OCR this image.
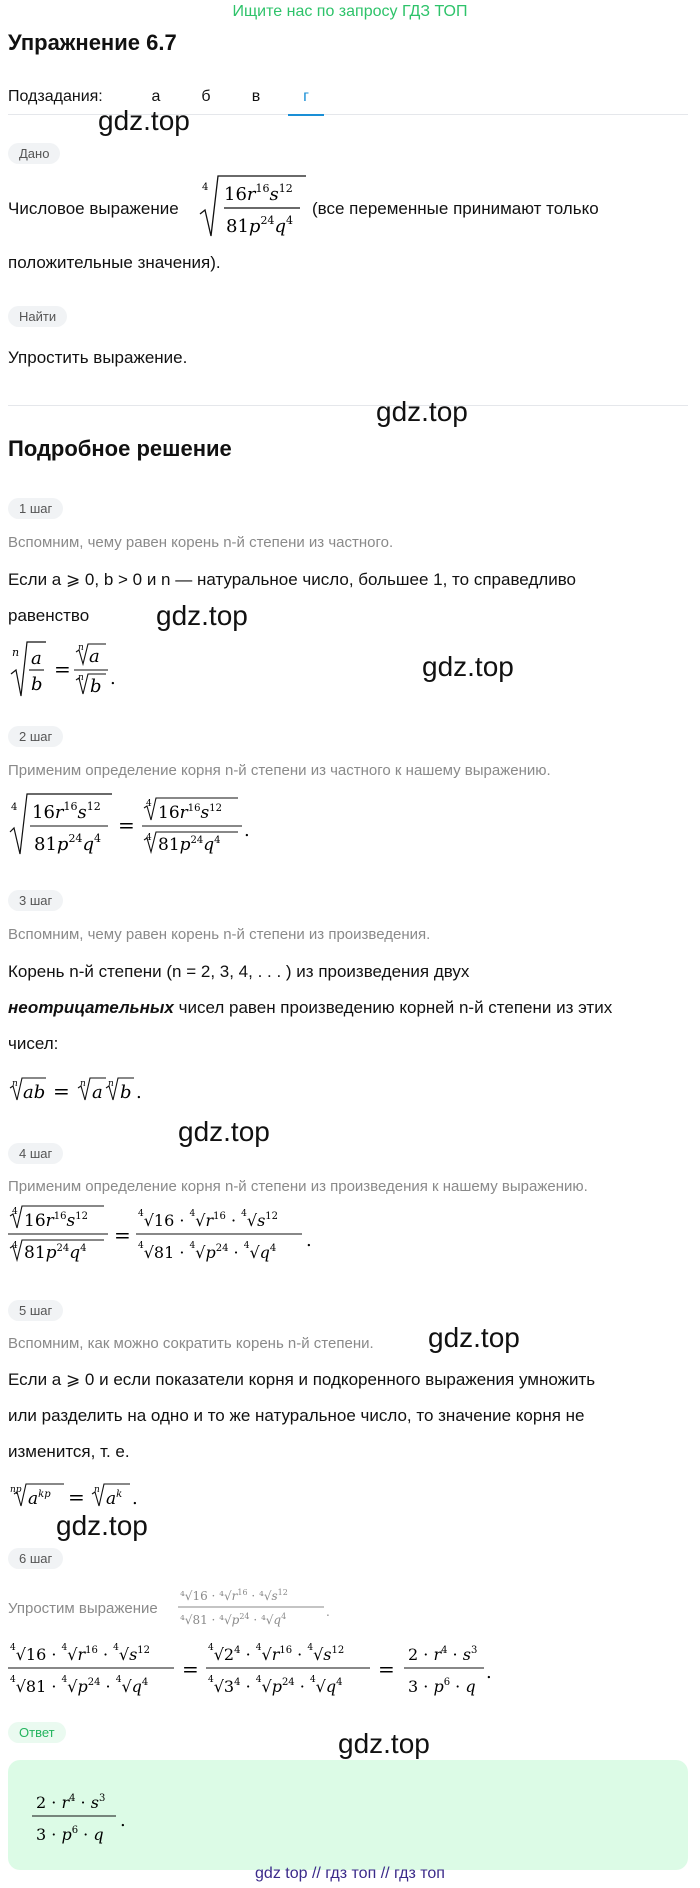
Ищите нас по запросу ГДЗ ТОП
Упражнение 6.7
Подзадания:	а	б	в	г
gdz.top
Дано
Числовое выражение
4 $16r^{16}s^{12}$
$81p^{24}q^4$
(все переменные принимают только
положительные значения).
Найти
Упростить выражение.
gdz.top
Подробное решение
1 шаг
Вспомним, чему равен корень n-й степени из частного.
Если a ⩾ 0, b > 0 и n — натуральное число, большее 1, то справедливо
равенство	gdz.top
n a
b
=
n a
n b .	gdz.top
2 шаг
Применим определение корня n-й степени из частного к нашему выражению.
4 $16r^{16}s^{12}$
$81p^{24}q^4$
=
4 $16r^{16}s^{12}$
4 $81p^{24}q^4$ .
3 шаг
Вспомним, чему равен корень n-й степени из произведения.
Корень n-й степени (n = 2, 3, 4, . . . ) из произведения двух
неотрицательных чисел равен произведению корней n-й степени из этих
чисел:
n ab = n a n b .
gdz.top
4 шаг
Применим определение корня n-й степени из произведения к нашему выражению.
4 $16r^{16}s^{12}$
4 $81p^{24}q^4$
=
$^4√16 \cdot ^4√r^{16} \cdot ^4√s^{12}$
$^4√81 \cdot ^4√p^{24} \cdot ^4√q^4$ .
5 шаг
Вспомним, как можно сократить корень n-й степени.	gdz.top
Если a ⩾ 0 и если показатели корня и подкоренного выражения умножить
или разделить на одно и то же натуральное число, то значение корня не
изменится, т. е.
np $a^{kp} = n$ $a^k$ .
gdz.top
6 шаг
Упростим выражение
$^4√16 \cdot ^4√r^{16} \cdot ^4√s^{12}$
$^4√81 \cdot ^4√p^{24} \cdot ^4√q^4$	.
$^4√16 \cdot ^4√r^{16} \cdot ^4√s^{12}$
$^4√81 \cdot ^4√p^{24} \cdot ^4√q^4$
=
$^4√2^4 \cdot ^4√r^{16} \cdot ^4√s^{12}$
$^4√3^4 \cdot ^4√p^{24} \cdot ^4√q^4$
=
$2 \cdot r^4 \cdot s^3$
$3 \cdot p^6 \cdot q$
.
Ответ	gdz.top
$2 \cdot r^4 \cdot s^3$
$3 \cdot p^6 \cdot q$
.
gdz top // гдз топ // гдз топ
